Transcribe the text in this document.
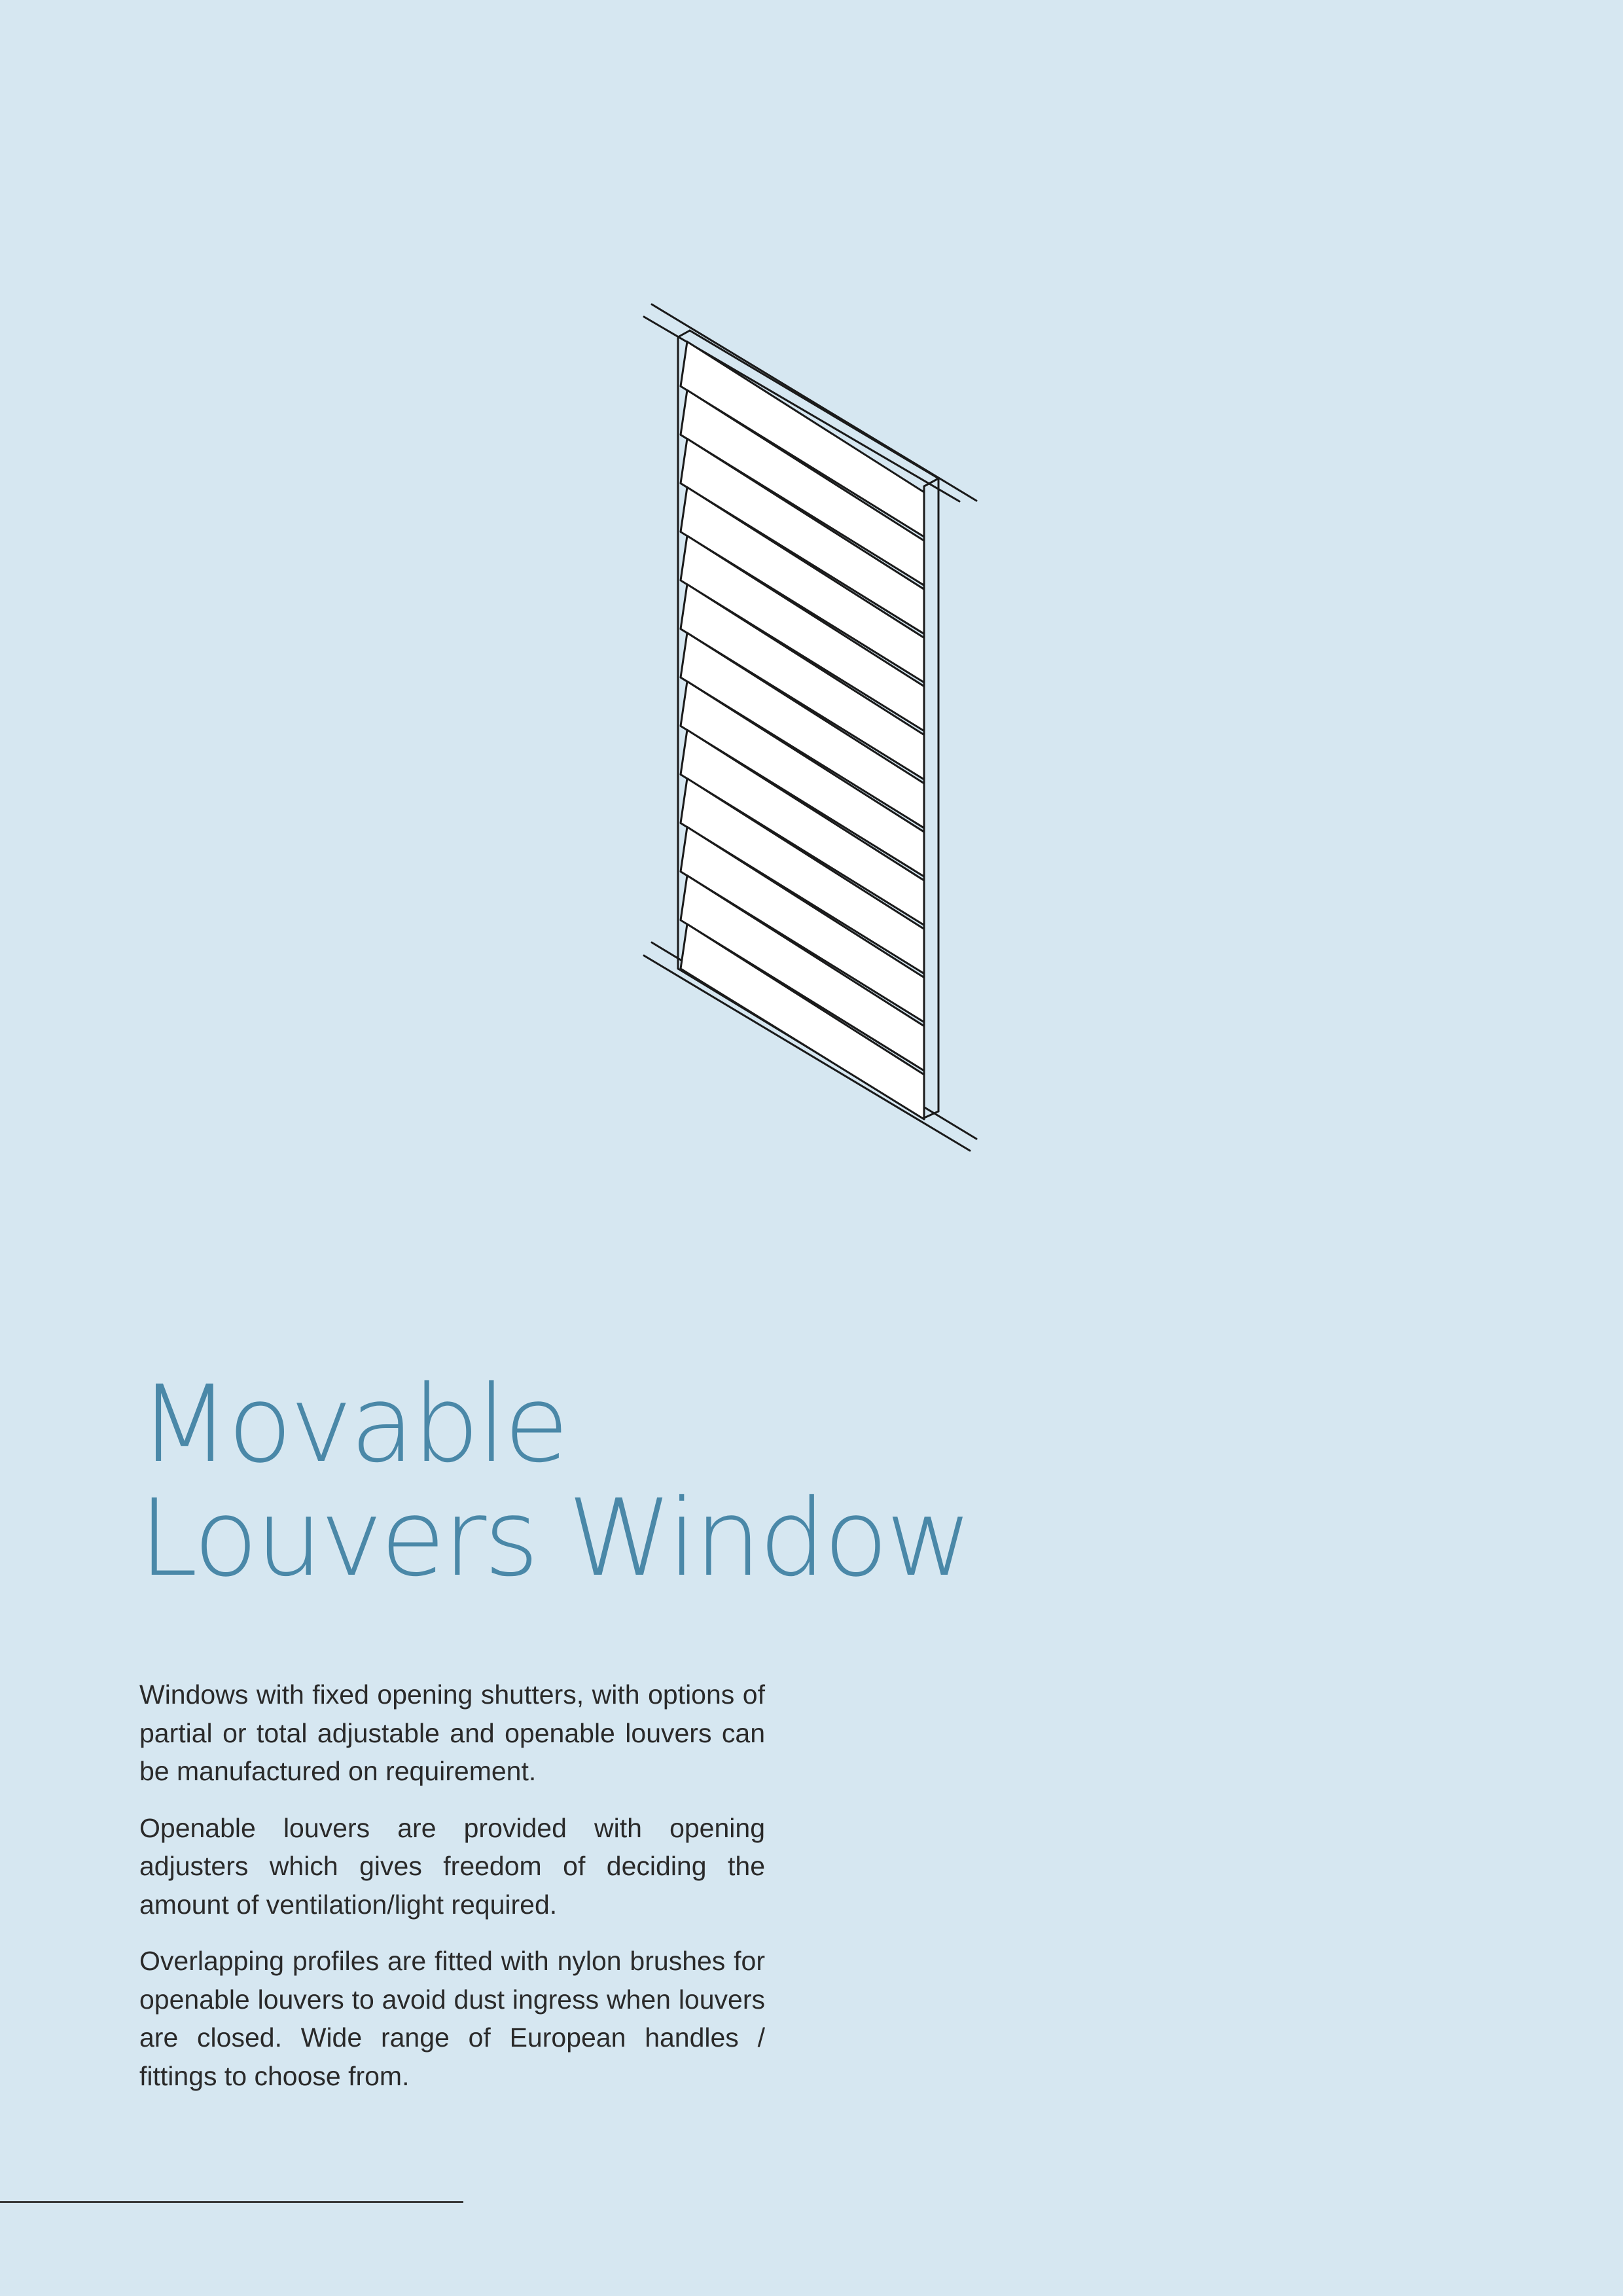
Movable
Louvers Window

Windows with fixed opening shutters, with options of partial or total adjustable and openable louvers can be manufactured on requirement.

Openable louvers are provided with opening adjusters which gives freedom of deciding the amount of ventilation/light required.

Overlapping profiles are fitted with nylon brushes for openable louvers to avoid dust ingress when louvers are closed. Wide range of European handles / fittings to choose from.
